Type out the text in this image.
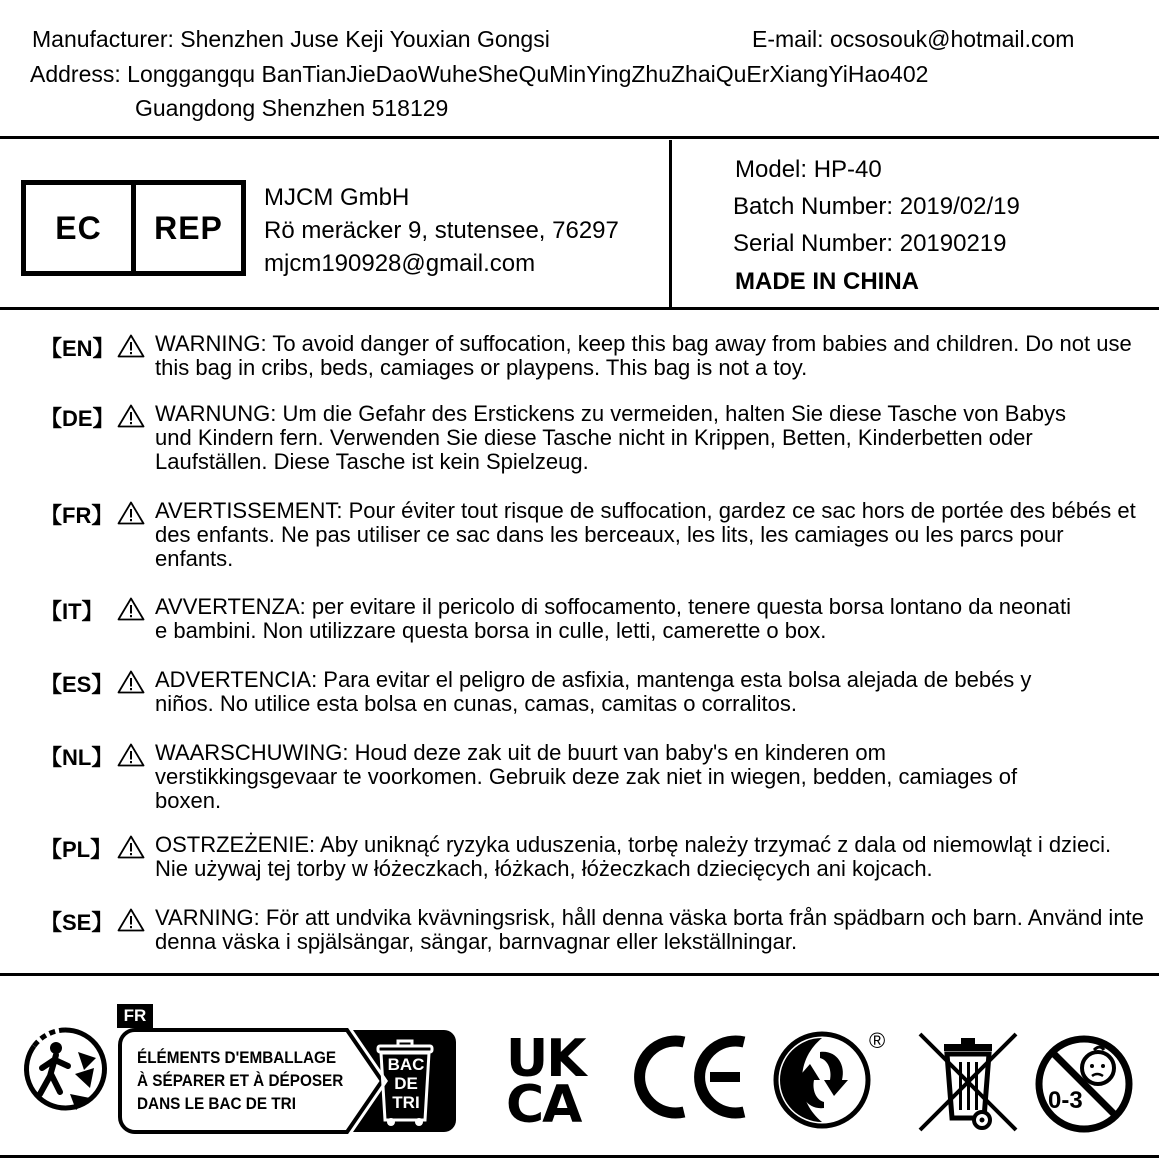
Manufacturer: Shenzhen Juse Keji Youxian Gongsi	E-mail: ocsosouk@hotmail.com
Address: Longgangqu BanTianJieDaoWuheSheQuMinYingZhuZhaiQuErXiangYiHao402
Guangdong Shenzhen 518129
EC	REP
MJCM GmbH
Rö meräcker 9, stutensee, 76297
mjcm190928@gmail.com
Model: HP-40
Batch Number: 2019/02/19
Serial Number: 20190219
MADE IN CHINA
【EN】 WARNING: To avoid danger of suffocation, keep this bag away from babies and children. Do not use this bag in cribs, beds, camiages or playpens. This bag is not a toy.
【DE】 WARNUNG: Um die Gefahr des Erstickens zu vermeiden, halten Sie diese Tasche von Babys und Kindern fern. Verwenden Sie diese Tasche nicht in Krippen, Betten, Kinderbetten oder Laufställen. Diese Tasche ist kein Spielzeug.
【FR】 AVERTISSEMENT: Pour éviter tout risque de suffocation, gardez ce sac hors de portée des bébés et des enfants. Ne pas utiliser ce sac dans les berceaux, les lits, les camiages ou les parcs pour enfants.
【IT】 AVVERTENZA: per evitare il pericolo di soffocamento, tenere questa borsa lontano da neonati e bambini. Non utilizzare questa borsa in culle, letti, camerette o box.
【ES】 ADVERTENCIA: Para evitar el peligro de asfixia, mantenga esta bolsa alejada de bebés y niños. No utilice esta bolsa en cunas, camas, camitas o corralitos.
【NL】 WAARSCHUWING: Houd deze zak uit de buurt van baby's en kinderen om verstikkingsgevaar te voorkomen. Gebruik deze zak niet in wiegen, bedden, camiages of boxen.
【PL】 OSTRZEŻENIE: Aby uniknąć ryzyka uduszenia, torbę należy trzymać z dala od niemowląt i dzieci. Nie używaj tej torby w łóżeczkach, łóżkach, łóżeczkach dziecięcych ani kojcach.
【SE】 VARNING: För att undvika kvävningsrisk, håll denna väska borta från spädbarn och barn. Använd inte denna väska i spjälsängar, sängar, barnvagnar eller lekställningar.
FR
ÉLÉMENTS D'EMBALLAGE
À SÉPARER ET À DÉPOSER
DANS LE BAC DE TRI
BAC
DE
TRI
UK
CA
®
0-3
